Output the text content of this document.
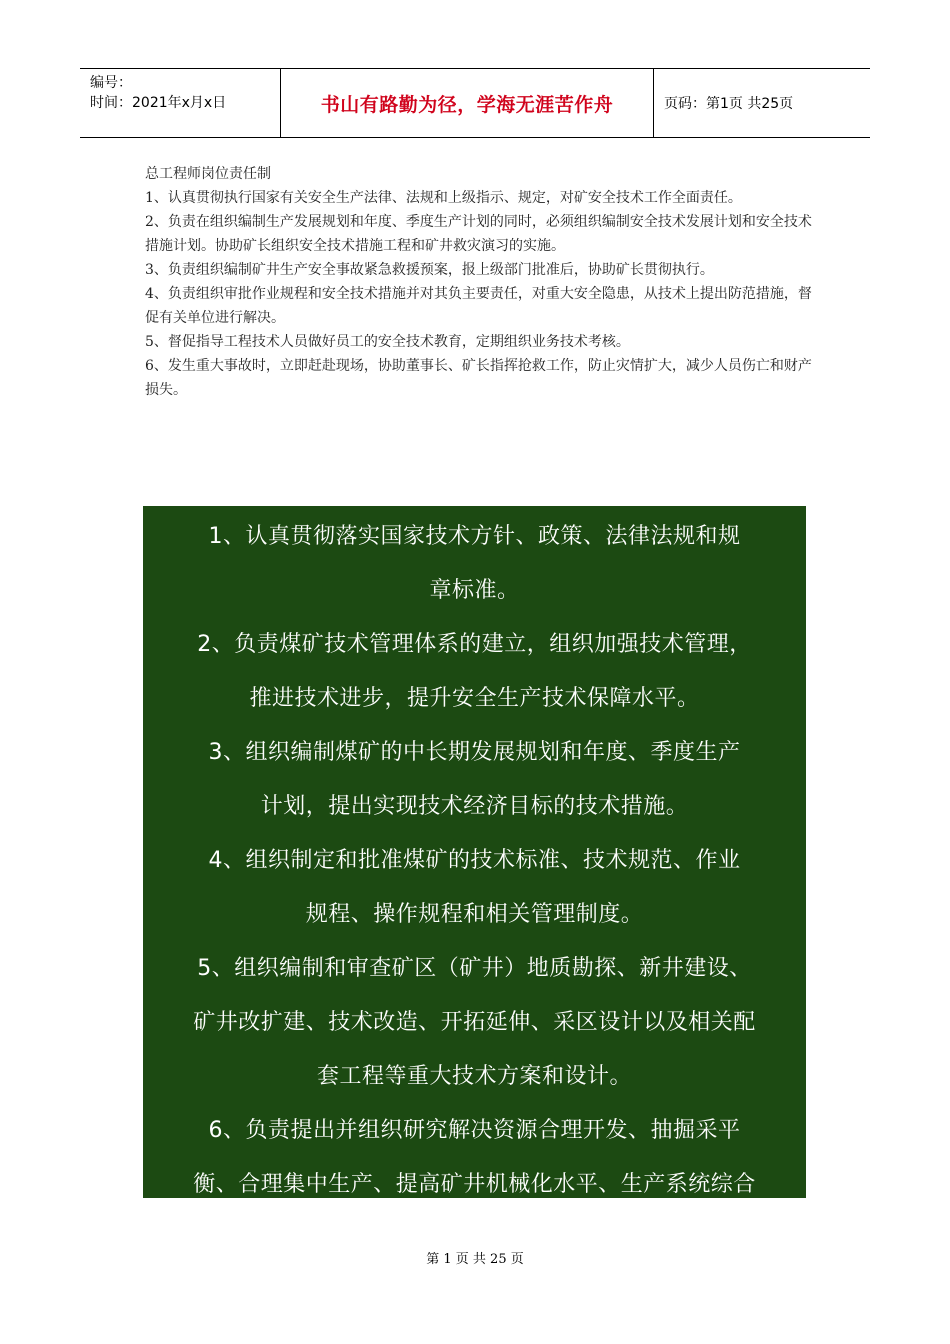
编号：
时间：2021年x月x日	书山有路勤为径，学海无涯苦作舟	页码：第1页 共25页

总工程师岗位责任制

1、认真贯彻执行国家有关安全生产法律、法规和上级指示、规定，对矿安全技术工作全面责任。

2、负责在组织编制生产发展规划和年度、季度生产计划的同时，必须组织编制安全技术发展计划和安全技术措施计划。协助矿长组织安全技术措施工程和矿井救灾演习的实施。

3、负责组织编制矿井生产安全事故紧急救援预案，报上级部门批准后，协助矿长贯彻执行。

4、负责组织审批作业规程和安全技术措施并对其负主要责任，对重大安全隐患，从技术上提出防范措施，督促有关单位进行解决。

5、督促指导工程技术人员做好员工的安全技术教育，定期组织业务技术考核。

6、发生重大事故时，立即赶赴现场，协助董事长、矿长指挥抢救工作，防止灾情扩大，减少人员伤亡和财产损失。

1、认真贯彻落实国家技术方针、政策、法律法规和规

章标准。

2、负责煤矿技术管理体系的建立，组织加强技术管理，

推进技术进步，提升安全生产技术保障水平。

3、组织编制煤矿的中长期发展规划和年度、季度生产

计划，提出实现技术经济目标的技术措施。

4、组织制定和批准煤矿的技术标准、技术规范、作业

规程、操作规程和相关管理制度。

5、组织编制和审查矿区（矿井）地质勘探、新井建设、

矿井改扩建、技术改造、开拓延伸、采区设计以及相关配

套工程等重大技术方案和设计。

6、负责提出并组织研究解决资源合理开发、抽掘采平

衡、合理集中生产、提高矿井机械化水平、生产系统综合

第 1 页 共 25 页
